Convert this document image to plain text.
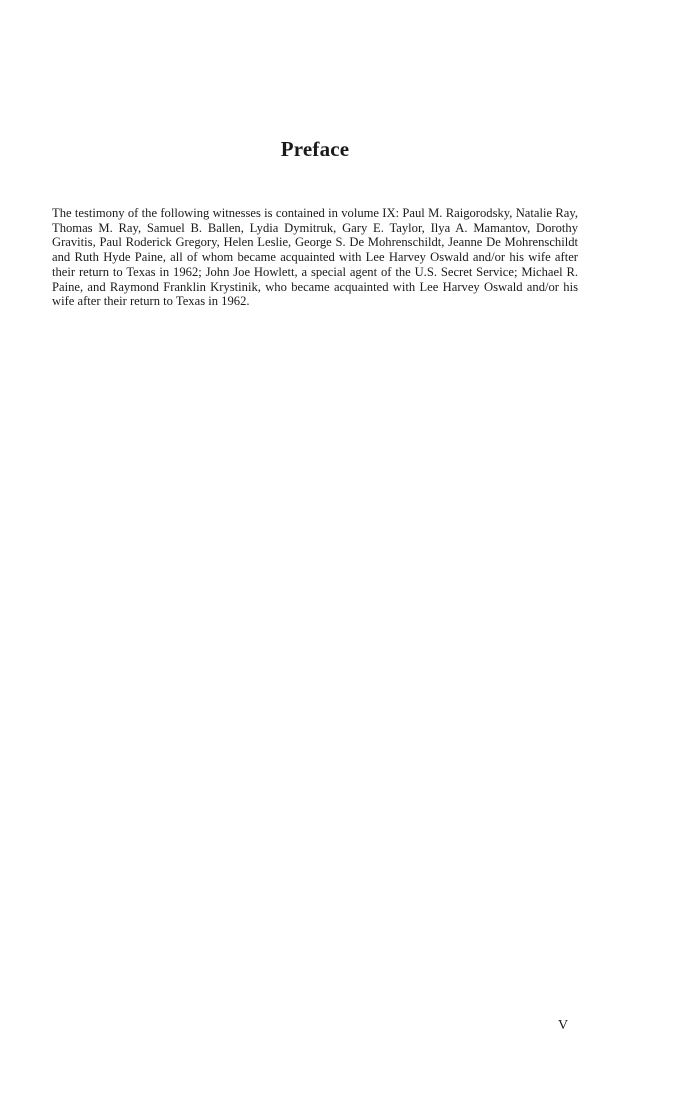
Preface

The testimony of the following witnesses is contained in volume IX: Paul M. Raigorodsky, Natalie Ray, Thomas M. Ray, Samuel B. Ballen, Lydia Dymitruk, Gary E. Taylor, Ilya A. Mamantov, Dorothy Gravitis, Paul Roderick Gregory, Helen Leslie, George S. De Mohrenschildt, Jeanne De Mohrenschildt and Ruth Hyde Paine, all of whom became acquainted with Lee Harvey Oswald and/or his wife after their return to Texas in 1962; John Joe Howlett, a special agent of the U.S. Secret Service; Michael R. Paine, and Raymond Franklin Krystinik, who became acquainted with Lee Harvey Oswald and/or his wife after their return to Texas in 1962.

V
